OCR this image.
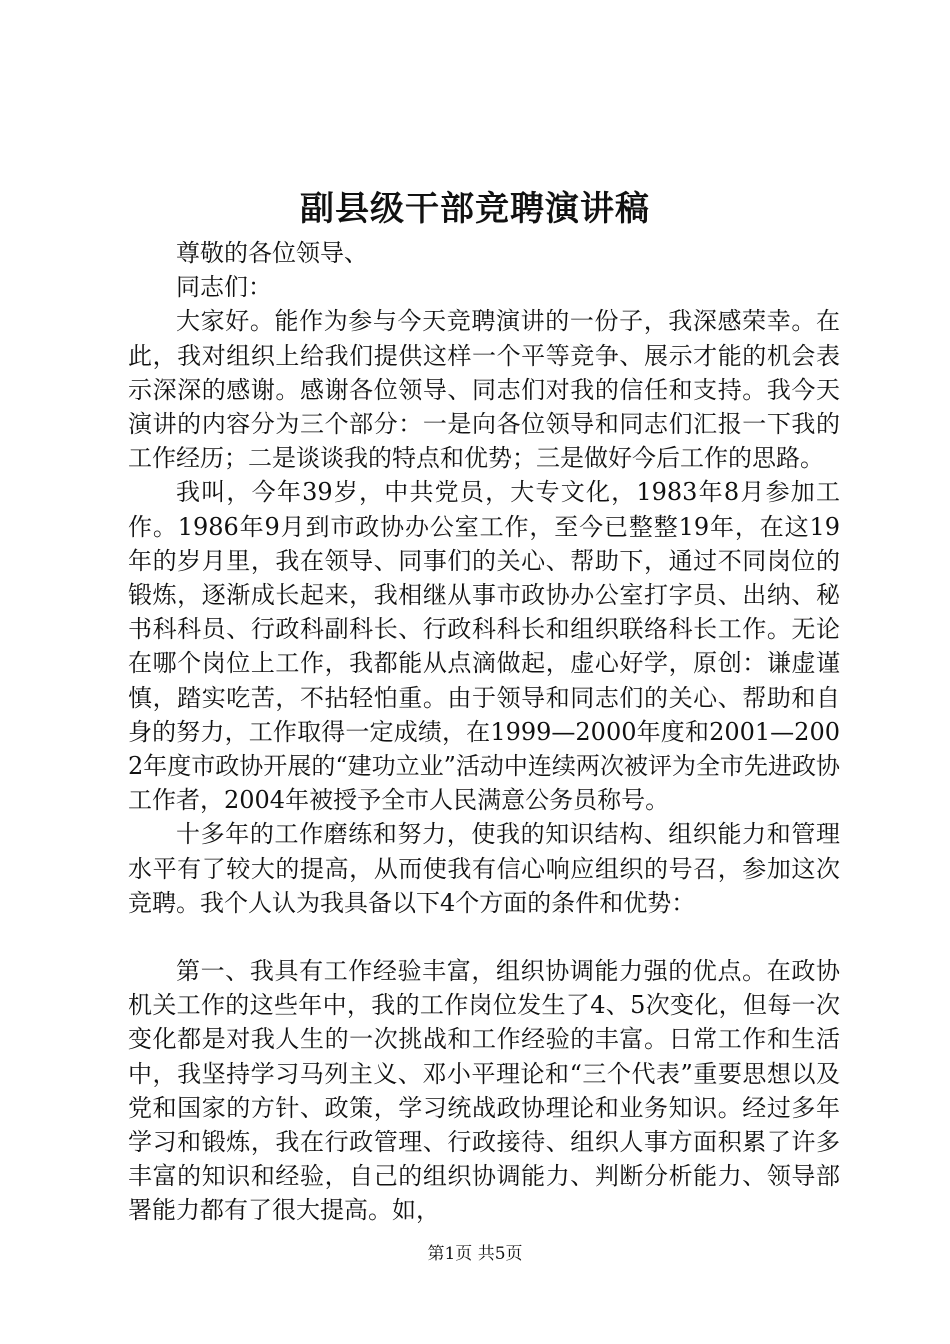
副县级干部竞聘演讲稿

尊敬的各位领导、

同志们：

大家好。能作为参与今天竞聘演讲的一份子，我深感荣幸。在此，我对组织上给我们提供这样一个平等竞争、展示才能的机会表示深深的感谢。感谢各位领导、同志们对我的信任和支持。我今天演讲的内容分为三个部分：一是向各位领导和同志们汇报一下我的工作经历；二是谈谈我的特点和优势；三是做好今后工作的思路。

我叫，今年39岁，中共党员，大专文化，1983年8月参加工作。1986年9月到市政协办公室工作，至今已整整19年，在这19年的岁月里，我在领导、同事们的关心、帮助下，通过不同岗位的锻炼，逐渐成长起来，我相继从事市政协办公室打字员、出纳、秘书科科员、行政科副科长、行政科科长和组织联络科长工作。无论在哪个岗位上工作，我都能从点滴做起，虚心好学，原创：谦虚谨慎，踏实吃苦，不拈轻怕重。由于领导和同志们的关心、帮助和自身的努力，工作取得一定成绩，在1999—2000年度和2001—2002年度市政协开展的“建功立业”活动中连续两次被评为全市先进政协工作者，2004年被授予全市人民满意公务员称号。

十多年的工作磨练和努力，使我的知识结构、组织能力和管理水平有了较大的提高，从而使我有信心响应组织的号召，参加这次竞聘。我个人认为我具备以下4个方面的条件和优势：

第一、我具有工作经验丰富，组织协调能力强的优点。在政协机关工作的这些年中，我的工作岗位发生了4、5次变化，但每一次变化都是对我人生的一次挑战和工作经验的丰富。日常工作和生活中，我坚持学习马列主义、邓小平理论和“三个代表”重要思想以及党和国家的方针、政策，学习统战政协理论和业务知识。经过多年学习和锻炼，我在行政管理、行政接待、组织人事方面积累了许多丰富的知识和经验，自己的组织协调能力、判断分析能力、领导部署能力都有了很大提高。如，

第1页 共5页
